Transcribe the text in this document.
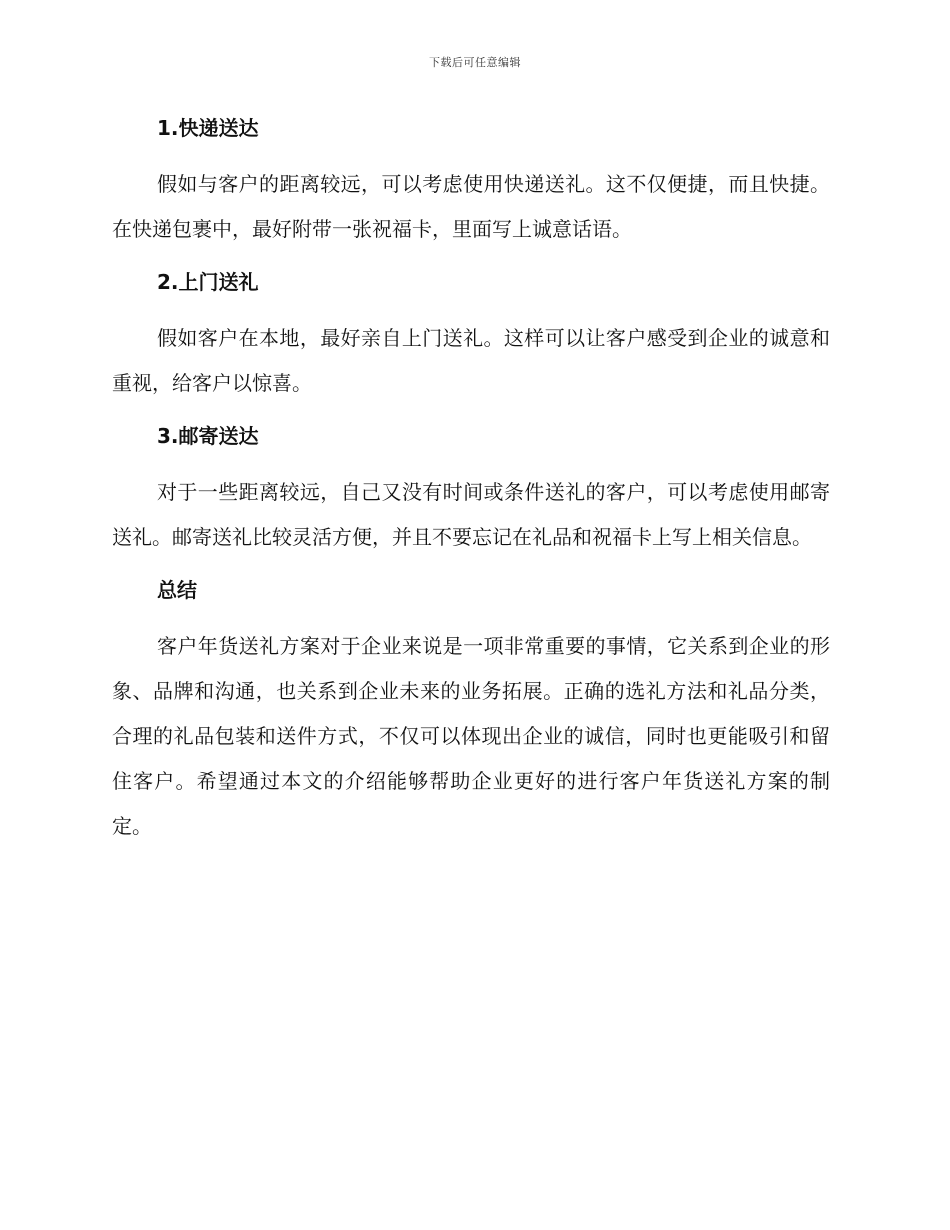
下载后可任意编辑
1.快递送达

假如与客户的距离较远，可以考虑使用快递送礼。这不仅便捷，而且快捷。在快递包裹中，最好附带一张祝福卡，里面写上诚意话语。

2.上门送礼

假如客户在本地，最好亲自上门送礼。这样可以让客户感受到企业的诚意和重视，给客户以惊喜。

3.邮寄送达

对于一些距离较远，自己又没有时间或条件送礼的客户，可以考虑使用邮寄送礼。邮寄送礼比较灵活方便，并且不要忘记在礼品和祝福卡上写上相关信息。

总结

客户年货送礼方案对于企业来说是一项非常重要的事情，它关系到企业的形象、品牌和沟通，也关系到企业未来的业务拓展。正确的选礼方法和礼品分类，合理的礼品包装和送件方式，不仅可以体现出企业的诚信，同时也更能吸引和留住客户。希望通过本文的介绍能够帮助企业更好的进行客户年货送礼方案的制定。
